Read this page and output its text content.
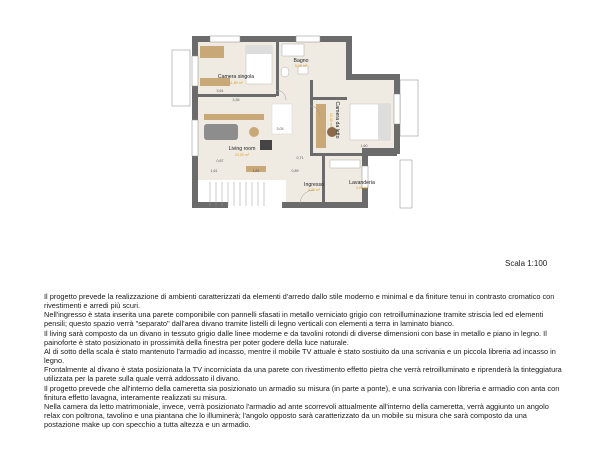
Camera singola
11,80 m²
Bagno
5,00 m²
Living room
24,00 m²
Ingresso
4,20 m²
Lavanderia
4,00 m²
Camera da letto
13,30 m²
3,61
3,35
3,05
1,60
0,67
1,61	1,81	0,89
0,71
Scala 1:100

Il progetto prevede la realizzazione di ambienti caratterizzati da elementi d'arredo dallo stile moderno e minimal e da finiture tenui in contrasto cromatico con rivestimenti e arredi più scuri.

Nell'ingresso è stata inserita una parete componibile con pannelli sfasati in metallo verniciato grigio con retroilluminazione tramite striscia led ed elementi pensili; questo spazio verrà "separato" dall'area divano tramite listelli di legno verticali con elementi a terra in laminato bianco.

Il living sarà composto da un divano in tessuto grigio dalle linee moderne e da tavolini rotondi di diverse dimensioni con base in metallo e piano in legno. Il painoforte è stato posizionato in prossimità della finestra per poter godere della luce naturale.

Al di sotto della scala è stato mantenuto l'armadio ad incasso, mentre il mobile TV attuale è stato sostiuito da una scrivania e un piccola libreria ad incasso in legno.

Frontalmente al divano è stata posizionata la TV incorniciata da una parete con rivestimento effetto pietra che verrà retroilluminato e riprenderà la tinteggiatura utilizzata per la parete sulla quale verrà addossato il divano.

Il progetto prevede che all'interno della cameretta sia posizionato un armadio su misura (in parte a ponte), e una scrivania con libreria e armadio con anta con finitura effetto lavagna, interamente realizzati su misura.

Nella camera da letto matrimoniale, invece, verrà posizionato l'armadio ad ante scorrevoli attualmente all'interno della cameretta, verrà aggiunto un angolo relax con poltrona, tavolino e una piantana che lo illuminerà; l'angolo opposto sarà caratterizzato da un mobile su misura che sarà composto da una postazione make up con specchio a tutta altezza e un armadio.
